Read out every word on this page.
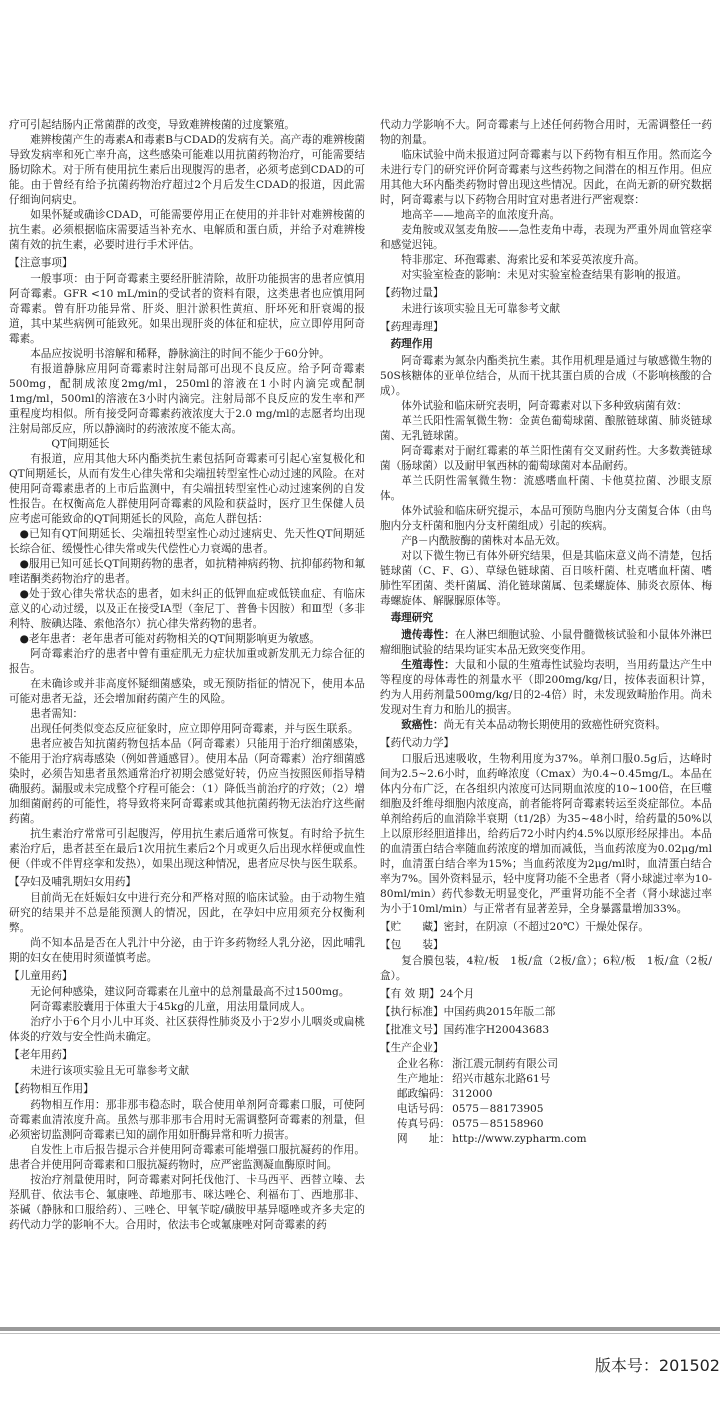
疗可引起结肠内正常菌群的改变，导致难辨梭菌的过度繁殖。

难辨梭菌产生的毒素A和毒素B与CDAD的发病有关。高产毒的难辨梭菌导致发病率和死亡率升高，这些感染可能难以用抗菌药物治疗，可能需要结肠切除术。对于所有使用抗生素后出现腹泻的患者，必须考虑到CDAD的可能。由于曾经有给予抗菌药物治疗超过2个月后发生CDAD的报道，因此需仔细询问病史。

如果怀疑或确诊CDAD，可能需要停用正在使用的并非针对难辨梭菌的抗生素。必须根据临床需要适当补充水、电解质和蛋白质，并给予对难辨梭菌有效的抗生素，必要时进行手术评估。

【注意事项】

一般事项：由于阿奇霉素主要经肝脏清除，故肝功能损害的患者应慎用阿奇霉素。GFR <10 mL/min的受试者的资料有限，这类患者也应慎用阿奇霉素。曾有肝功能异常、肝炎、胆汁淤积性黄疸、肝坏死和肝衰竭的报道，其中某些病例可能致死。如果出现肝炎的体征和症状，应立即停用阿奇霉素。

本品应按说明书溶解和稀释，静脉滴注的时间不能少于60分钟。

有报道静脉应用阿奇霉素时注射局部可出现不良反应。给予阿奇霉素500mg，配制成浓度2mg/ml，250ml的溶液在1小时内滴完或配制1mg/ml，500ml的溶液在3小时内滴完。注射局部不良反应的发生率和严重程度均相似。所有接受阿奇霉素药液浓度大于2.0 mg/ml的志愿者均出现注射局部反应，所以静滴时的药液浓度不能太高。

QT间期延长

有报道，应用其他大环内酯类抗生素包括阿奇霉素可引起心室复极化和QT间期延长，从而有发生心律失常和尖端扭转型室性心动过速的风险。在对使用阿奇霉素患者的上市后监测中，有尖端扭转型室性心动过速案例的自发性报告。在权衡高危人群使用阿奇霉素的风险和获益时，医疗卫生保健人员应考虑可能致命的QT间期延长的风险，高危人群包括：

●已知有QT间期延长、尖端扭转型室性心动过速病史、先天性QT间期延长综合征、缓慢性心律失常或失代偿性心力衰竭的患者。

●服用已知可延长QT间期药物的患者，如抗精神病药物、抗抑郁药物和氟喹诺酮类药物治疗的患者。

●处于致心律失常状态的患者，如未纠正的低钾血症或低镁血症、有临床意义的心动过缓，以及正在接受IA型（奎尼丁、普鲁卡因胺）和Ⅲ型（多非利特、胺碘达隆、索他洛尔）抗心律失常药物的患者。

●老年患者：老年患者可能对药物相关的QT间期影响更为敏感。

阿奇霉素治疗的患者中曾有重症肌无力症状加重或新发肌无力综合征的报告。

在未确诊或并非高度怀疑细菌感染，或无预防指征的情况下，使用本品可能对患者无益，还会增加耐药菌产生的风险。

患者需知：

出现任何类似变态反应征象时，应立即停用阿奇霉素，并与医生联系。

患者应被告知抗菌药物包括本品（阿奇霉素）只能用于治疗细菌感染，不能用于治疗病毒感染（例如普通感冒）。使用本品（阿奇霉素）治疗细菌感染时，必须告知患者虽然通常治疗初期会感觉好转，仍应当按照医师指导精确服药。漏服或未完成整个疗程可能会：（1）降低当前治疗的疗效；（2）增加细菌耐药的可能性，将导致将来阿奇霉素或其他抗菌药物无法治疗这些耐药菌。

抗生素治疗常常可引起腹泻，停用抗生素后通常可恢复。有时给予抗生素治疗后，患者甚至在最后1次用抗生素后2个月或更久后出现水样便或血性便（伴或不伴胃痉挛和发热），如果出现这种情况，患者应尽快与医生联系。

【孕妇及哺乳期妇女用药】

目前尚无在妊娠妇女中进行充分和严格对照的临床试验。由于动物生殖研究的结果并不总是能预测人的情况，因此，在孕妇中应用须充分权衡利弊。

尚不知本品是否在人乳汁中分泌，由于许多药物经人乳分泌，因此哺乳期的妇女在使用时须谨慎考虑。

【儿童用药】

无论何种感染，建议阿奇霉素在儿童中的总剂量最高不过1500mg。

阿奇霉素胶囊用于体重大于45kg的儿童，用法用量同成人。

治疗小于6个月小儿中耳炎、社区获得性肺炎及小于2岁小儿咽炎或扁桃体炎的疗效与安全性尚未确定。

【老年用药】

未进行该项实验且无可靠参考文献

【药物相互作用】

药物相互作用：那非那韦稳态时，联合使用单剂阿奇霉素口服，可使阿奇霉素血清浓度升高。虽然与那非那韦合用时无需调整阿奇霉素的剂量，但必须密切监测阿奇霉素已知的副作用如肝酶异常和听力损害。

自发性上市后报告提示合并使用阿奇霉素可能增强口服抗凝药的作用。患者合并使用阿奇霉素和口服抗凝药物时，应严密监测凝血酶原时间。

按治疗剂量使用时，阿奇霉素对阿托伐他汀、卡马西平、西替立嗪、去羟肌苷、依法韦仑、氟康唑、茚地那韦、咪达唑仑、利福布丁、西地那非、茶碱（静脉和口服给药）、三唑仑、甲氧苄啶/磺胺甲基异噁唑或齐多夫定的药代动力学的影响不大。合用时，依法韦仑或氟康唑对阿奇霉素的药

代动力学影响不大。阿奇霉素与上述任何药物合用时，无需调整任一药物的剂量。

临床试验中尚未报道过阿奇霉素与以下药物有相互作用。然而迄今未进行专门的研究评价阿奇霉素与这些药物之间潜在的相互作用。但应用其他大环内酯类药物时曾出现这些情况。因此，在尚无新的研究数据时，阿奇霉素与以下药物合用时宜对患者进行严密观察：

地高辛——地高辛的血浓度升高。

麦角胺或双氢麦角胺——急性麦角中毒，表现为严重外周血管痉挛和感觉迟钝。

特非那定、环孢霉素、海索比妥和苯妥英浓度升高。

对实验室检查的影响：未见对实验室检查结果有影响的报道。

【药物过量】

未进行该项实验且无可靠参考文献

【药理毒理】
药理作用

阿奇霉素为氮杂内酯类抗生素。其作用机理是通过与敏感微生物的50S核糖体的亚单位结合，从而干扰其蛋白质的合成（不影响核酸的合成）。

体外试验和临床研究表明，阿奇霉素对以下多种致病菌有效：

革兰氏阳性需氧微生物：金黄色葡萄球菌、酿脓链球菌、肺炎链球菌、无乳链球菌。

阿奇霉素对于耐红霉素的革兰阳性菌有交叉耐药性。大多数粪链球菌（肠球菌）以及耐甲氧西林的葡萄球菌对本品耐药。

革兰氏阴性需氧微生物：流感嗜血杆菌、卡他莫拉菌、沙眼支原体。

体外试验和临床研究提示，本品可预防鸟胞内分支菌复合体（由鸟胞内分支杆菌和胞内分支杆菌组成）引起的疾病。

产β－内酰胺酶的菌株对本品无效。

对以下微生物已有体外研究结果，但是其临床意义尚不清楚，包括链球菌（C、F、G）、草绿色链球菌、百日咳杆菌、杜克嗜血杆菌、嗜肺性军团菌、类杆菌属、消化链球菌属、包柔螺旋体、肺炎衣原体、梅毒螺旋体、解脲脲原体等。

毒理研究

遗传毒性：在人淋巴细胞试验、小鼠骨髓微核试验和小鼠体外淋巴瘤细胞试验的结果均证实本品无致突变作用。

生殖毒性：大鼠和小鼠的生殖毒性试验均表明，当用药量达产生中等程度的母体毒性的剂量水平（即200mg/kg/日，按体表面积计算，约为人用药剂量500mg/kg/日的2-4倍）时，未发现致畸胎作用。尚未发现对生育力和胎儿的损害。

致癌性：尚无有关本品动物长期使用的致癌性研究资料。

【药代动力学】

口服后迅速吸收，生物利用度为37%。单剂口服0.5g后，达峰时间为2.5~2.6小时，血药峰浓度（Cmax）为0.4~0.45mg/L。本品在体内分布广泛，在各组织内浓度可达同期血浓度的10~100倍，在巨噬细胞及纤维母细胞内浓度高，前者能将阿奇霉素转运至炎症部位。本品单剂给药后的血消除半衰期（t1/2β）为35~48小时，给药量的50%以上以原形经胆道排出，给药后72小时内约4.5%以原形经尿排出。本品的血清蛋白结合率随血药浓度的增加而减低，当血药浓度为0.02μg/ml时，血清蛋白结合率为15%；当血药浓度为2μg/ml时，血清蛋白结合率为7%。国外资料显示，轻中度肾功能不全患者（肾小球滤过率为10-80ml/min）药代参数无明显变化，严重肾功能不全者（肾小球滤过率为小于10ml/min）与正常者有显著差异，全身暴露量增加33%。

【贮　　藏】密封，在阴凉（不超过20℃）干燥处保存。

【包　　装】

复合膜包装，4粒/板　1板/盒（2板/盒）；6粒/板　1板/盒（2板/盒）。

【有 效 期】24个月

【执行标准】中国药典2015年版二部

【批准文号】国药准字H20043683

【生产企业】
企业名称： 浙江震元制药有限公司
生产地址： 绍兴市越东北路61号
邮政编码： 312000
电话号码： 0575－88173905
传真号码： 0575－85158960
网　　址： http://www.zypharm.com
版本号：201502
